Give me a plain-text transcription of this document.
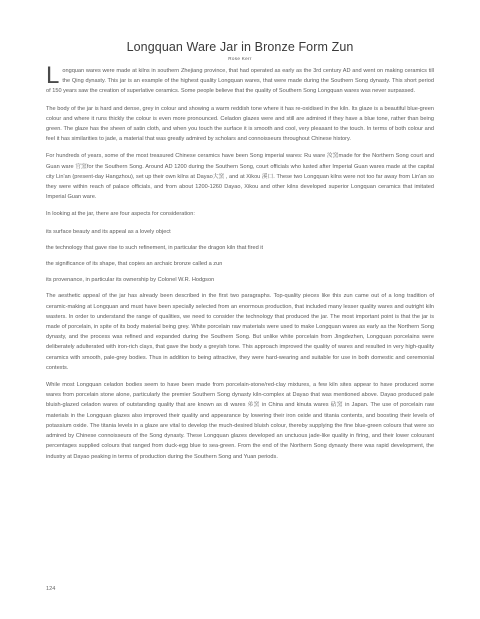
Longquan Ware Jar in Bronze Form Zun
Rose Kerr

Longquan wares were made at kilns in southern Zhejiang province, that had operated as early as the 3rd century AD and went on making ceramics till the Qing dynasty. This jar is an example of the highest quality Longquan wares, that were made during the Southern Song dynasty. This short period of 150 years saw the creation of superlative ceramics. Some people believe that the quality of Southern Song Longquan wares was never surpassed.

The body of the jar is hard and dense, grey in colour and showing a warm reddish tone where it has re-oxidised in the kiln. Its glaze is a beautiful blue-green colour and where it runs thickly the colour is even more pronounced. Celadon glazes were and still are admired if they have a blue tone, rather than being green. The glaze has the sheen of satin cloth, and when you touch the surface it is smooth and cool, very pleasant to the touch. In terms of both colour and feel it has similarities to jade, a material that was greatly admired by scholars and connoisseurs throughout Chinese history.

For hundreds of years, some of the most treasured Chinese ceramics have been Song imperial wares: Ru ware 汝窯made for the Northern Song court and Guan ware 官窯for the Southern Song. Around AD 1200 during the Southern Song, court officials who lusted after Imperial Guan wares made at the capital city Lin'an (present-day Hangzhou), set up their own kilns at Dayao大窯 , and at Xikou 溪口. These two Longquan kilns were not too far away from Lin'an so they were within reach of palace officials, and from about 1200-1260 Dayao, Xikou and other kilns developed superior Longquan ceramics that imitated Imperial Guan ware.

In looking at the jar, there are four aspects for consideration:

its surface beauty and its appeal as a lovely object

the technology that gave rise to such refinement, in particular the dragon kiln that fired it

the significance of its shape, that copies an archaic bronze called a zun

its provenance, in particular its ownership by Colonel W.R. Hodgson

The aesthetic appeal of the jar has already been described in the first two paragraphs. Top-quality pieces like this zun came out of a long tradition of ceramic-making at Longquan and must have been specially selected from an enormous production, that included many lesser quality wares and outright kiln wasters. In order to understand the range of qualities, we need to consider the technology that produced the jar. The most important point is that the jar is made of porcelain, in spite of its body material being grey. White porcelain raw materials were used to make Longquan wares as early as the Northern Song dynasty, and the process was refined and expanded during the Southern Song. But unlike white porcelain from Jingdezhen, Longquan porcelains were deliberately adulterated with iron-rich clays, that gave the body a greyish tone. This approach improved the quality of wares and resulted in very high-quality ceramics with smooth, pale-grey bodies. Thus in addition to being attractive, they were hard-wearing and suitable for use in both domestic and ceremonial contexts.

While most Longquan celadon bodies seem to have been made from porcelain-stone/red-clay mixtures, a few kiln sites appear to have produced some wares from porcelain stone alone, particularly the premier Southern Song dynasty kiln-complex at Dayao that was mentioned above. Dayao produced pale bluish-glazed celadon wares of outstanding quality that are known as di wares 弟窯 in China and kinuta wares 砧窯 in Japan. The use of porcelain raw materials in the Longquan glazes also improved their quality and appearance by lowering their iron oxide and titania contents, and boosting their levels of potassium oxide. The titania levels in a glaze are vital to develop the much-desired bluish colour, thereby supplying the fine blue-green colours that were so admired by Chinese connoisseurs of the Song dynasty. These Longquan glazes developed an unctuous jade-like quality in firing, and their lower colourant percentages supplied colours that ranged from duck-egg blue to sea-green. From the end of the Northern Song dynasty there was rapid development, the industry at Dayao peaking in terms of production during the Southern Song and Yuan periods.

124
